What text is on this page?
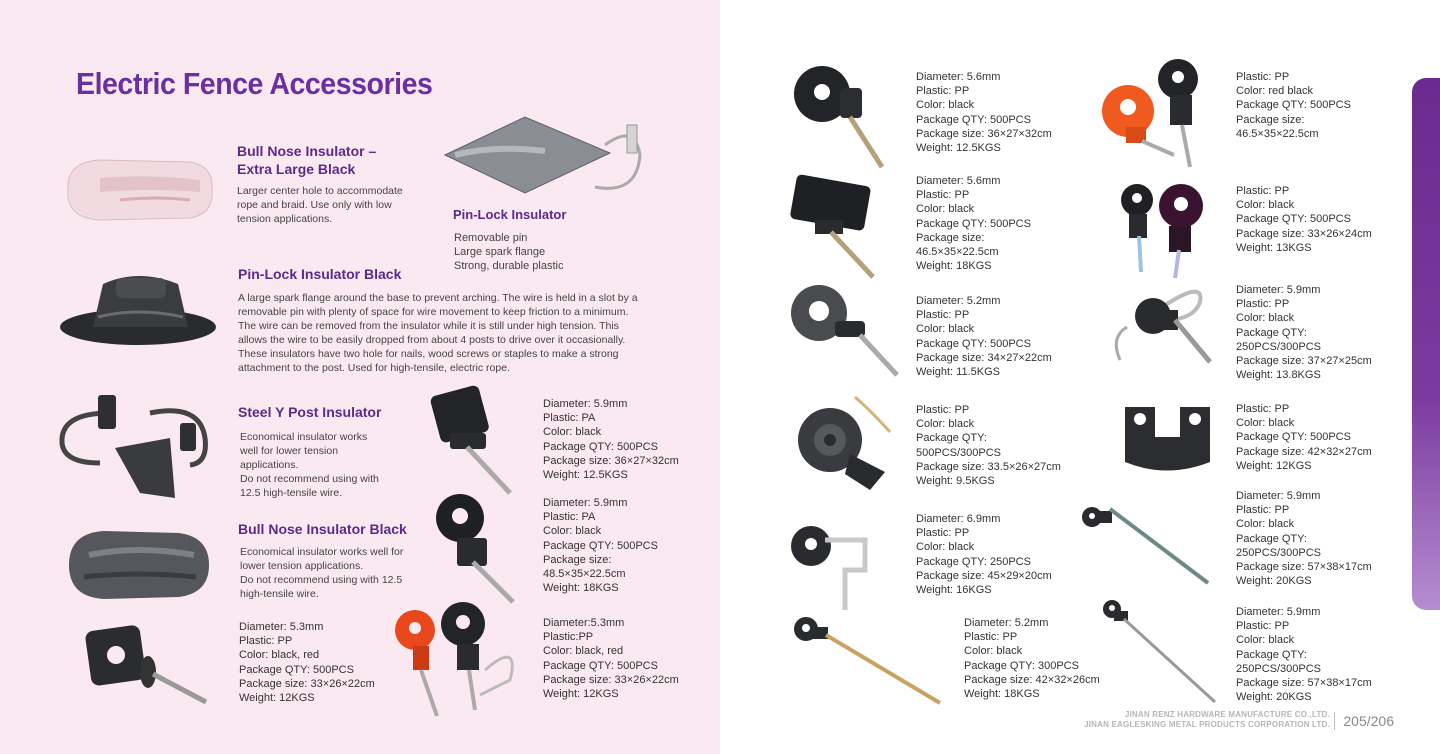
Electric Fence Accessories
Bull Nose Insulator –
Extra Large Black
Larger center hole to accommodate
rope and braid. Use only with low
tension applications.	Pin-Lock Insulator
Removable pin
Large spark flange
Strong, durable plastic
Pin-Lock Insulator Black
A large spark flange around the base to prevent arching. The wire is held in a slot by a
removable pin with plenty of space for wire movement to keep friction to a minimum.
The wire can be removed from the insulator while it is still under high tension. This
allows the wire to be easily dropped from about 4 posts to drive over it occasionally.
These insulators have two hole for nails, wood screws or staples to make a strong
attachment to the post. Used for high-tensile, electric rope.
Steel Y Post Insulator
Economical insulator works
well for lower tension
applications.
Do not recommend using with
12.5 high-tensile wire.
Bull Nose Insulator Black
Economical insulator works well for
lower tension applications.
Do not recommend using with 12.5
high-tensile wire.
Diameter: 5.3mm
Plastic: PP
Color: black, red
Package QTY: 500PCS
Package size: 33×26×22cm
Weight: 12KGS
Diameter: 5.9mm
Plastic: PA
Color: black
Package QTY: 500PCS
Package size: 36×27×32cm
Weight: 12.5KGS
Diameter: 5.9mm
Plastic: PA
Color: black
Package QTY: 500PCS
Package size:
48.5×35×22.5cm
Weight: 18KGS
Diameter:5.3mm
Plastic:PP
Color: black, red
Package QTY: 500PCS
Package size: 33×26×22cm
Weight: 12KGS
Diameter: 5.6mm
Plastic: PP
Color: black
Package QTY: 500PCS
Package size: 36×27×32cm
Weight: 12.5KGS
Diameter: 5.6mm
Plastic: PP
Color: black
Package QTY: 500PCS
Package size:
46.5×35×22.5cm
Weight: 18KGS
Diameter: 5.2mm
Plastic: PP
Color: black
Package QTY: 500PCS
Package size: 34×27×22cm
Weight: 11.5KGS
Plastic: PP
Color: black
Package QTY:
500PCS/300PCS
Package size: 33.5×26×27cm
Weight: 9.5KGS
Diameter: 6.9mm
Plastic: PP
Color: black
Package QTY: 250PCS
Package size: 45×29×20cm
Weight: 16KGS
Diameter: 5.2mm
Plastic: PP
Color: black
Package QTY: 300PCS
Package size: 42×32×26cm
Weight: 18KGS
Plastic: PP
Color: red black
Package QTY: 500PCS
Package size:
46.5×35×22.5cm
Plastic: PP
Color: black
Package QTY: 500PCS
Package size: 33×26×24cm
Weight: 13KGS
Diameter: 5.9mm
Plastic: PP
Color: black
Package QTY:
250PCS/300PCS
Package size: 37×27×25cm
Weight: 13.8KGS
Plastic: PP
Color: black
Package QTY: 500PCS
Package size: 42×32×27cm
Weight: 12KGS
Diameter: 5.9mm
Plastic: PP
Color: black
Package QTY:
250PCS/300PCS
Package size: 57×38×17cm
Weight: 20KGS
Diameter: 5.9mm
Plastic: PP
Color: black
Package QTY:
250PCS/300PCS
Package size: 57×38×17cm
Weight: 20KGS
JINAN RENZ HARDWARE MANUFACTURE CO.,LTD.
JINAN EAGLESKING METAL PRODUCTS CORPORATION LTD. 205/206
